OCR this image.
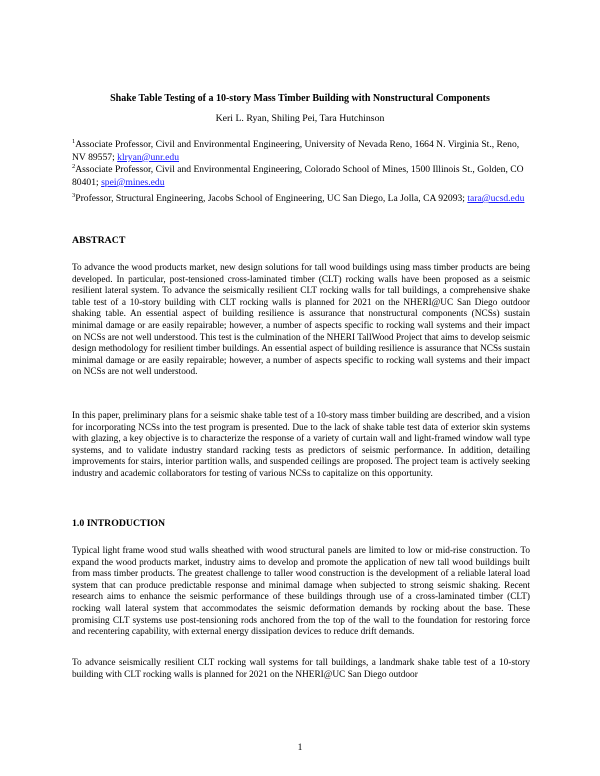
Shake Table Testing of a 10-story Mass Timber Building with Nonstructural Components
Keri L. Ryan, Shiling Pei, Tara Hutchinson
$^1$Associate Professor, Civil and Environmental Engineering, University of Nevada Reno, 1664 N. Virginia St., Reno, NV 89557; klryan@unr.edu
$^2$Associate Professor, Civil and Environmental Engineering, Colorado School of Mines, 1500 Illinois St., Golden, CO 80401; spei@mines.edu
$^3$Professor, Structural Engineering, Jacobs School of Engineering, UC San Diego, La Jolla, CA 92093; tara@ucsd.edu
ABSTRACT
To advance the wood products market, new design solutions for tall wood buildings using mass timber products are being developed. In particular, post-tensioned cross-laminated timber (CLT) rocking walls have been proposed as a seismic resilient lateral system. To advance the seismically resilient CLT rocking walls for tall buildings, a comprehensive shake table test of a 10-story building with CLT rocking walls is planned for 2021 on the NHERI@UC San Diego outdoor shaking table. An essential aspect of building resilience is assurance that nonstructural components (NCSs) sustain minimal damage or are easily repairable; however, a number of aspects specific to rocking wall systems and their impact on NCSs are not well understood. This test is the culmination of the NHERI TallWood Project that aims to develop seismic design methodology for resilient timber buildings. An essential aspect of building resilience is assurance that NCSs sustain minimal damage or are easily repairable; however, a number of aspects specific to rocking wall systems and their impact on NCSs are not well understood.
In this paper, preliminary plans for a seismic shake table test of a 10-story mass timber building are described, and a vision for incorporating NCSs into the test program is presented. Due to the lack of shake table test data of exterior skin systems with glazing, a key objective is to characterize the response of a variety of curtain wall and light-framed window wall type systems, and to validate industry standard racking tests as predictors of seismic performance. In addition, detailing improvements for stairs, interior partition walls, and suspended ceilings are proposed. The project team is actively seeking industry and academic collaborators for testing of various NCSs to capitalize on this opportunity.
1.0 INTRODUCTION
Typical light frame wood stud walls sheathed with wood structural panels are limited to low or mid-rise construction. To expand the wood products market, industry aims to develop and promote the application of new tall wood buildings built from mass timber products. The greatest challenge to taller wood construction is the development of a reliable lateral load system that can produce predictable response and minimal damage when subjected to strong seismic shaking. Recent research aims to enhance the seismic performance of these buildings through use of a cross-laminated timber (CLT) rocking wall lateral system that accommodates the seismic deformation demands by rocking about the base. These promising CLT systems use post-tensioning rods anchored from the top of the wall to the foundation for restoring force and recentering capability, with external energy dissipation devices to reduce drift demands.
To advance seismically resilient CLT rocking wall systems for tall buildings, a landmark shake table test of a 10-story building with CLT rocking walls is planned for 2021 on the NHERI@UC San Diego outdoor
1
